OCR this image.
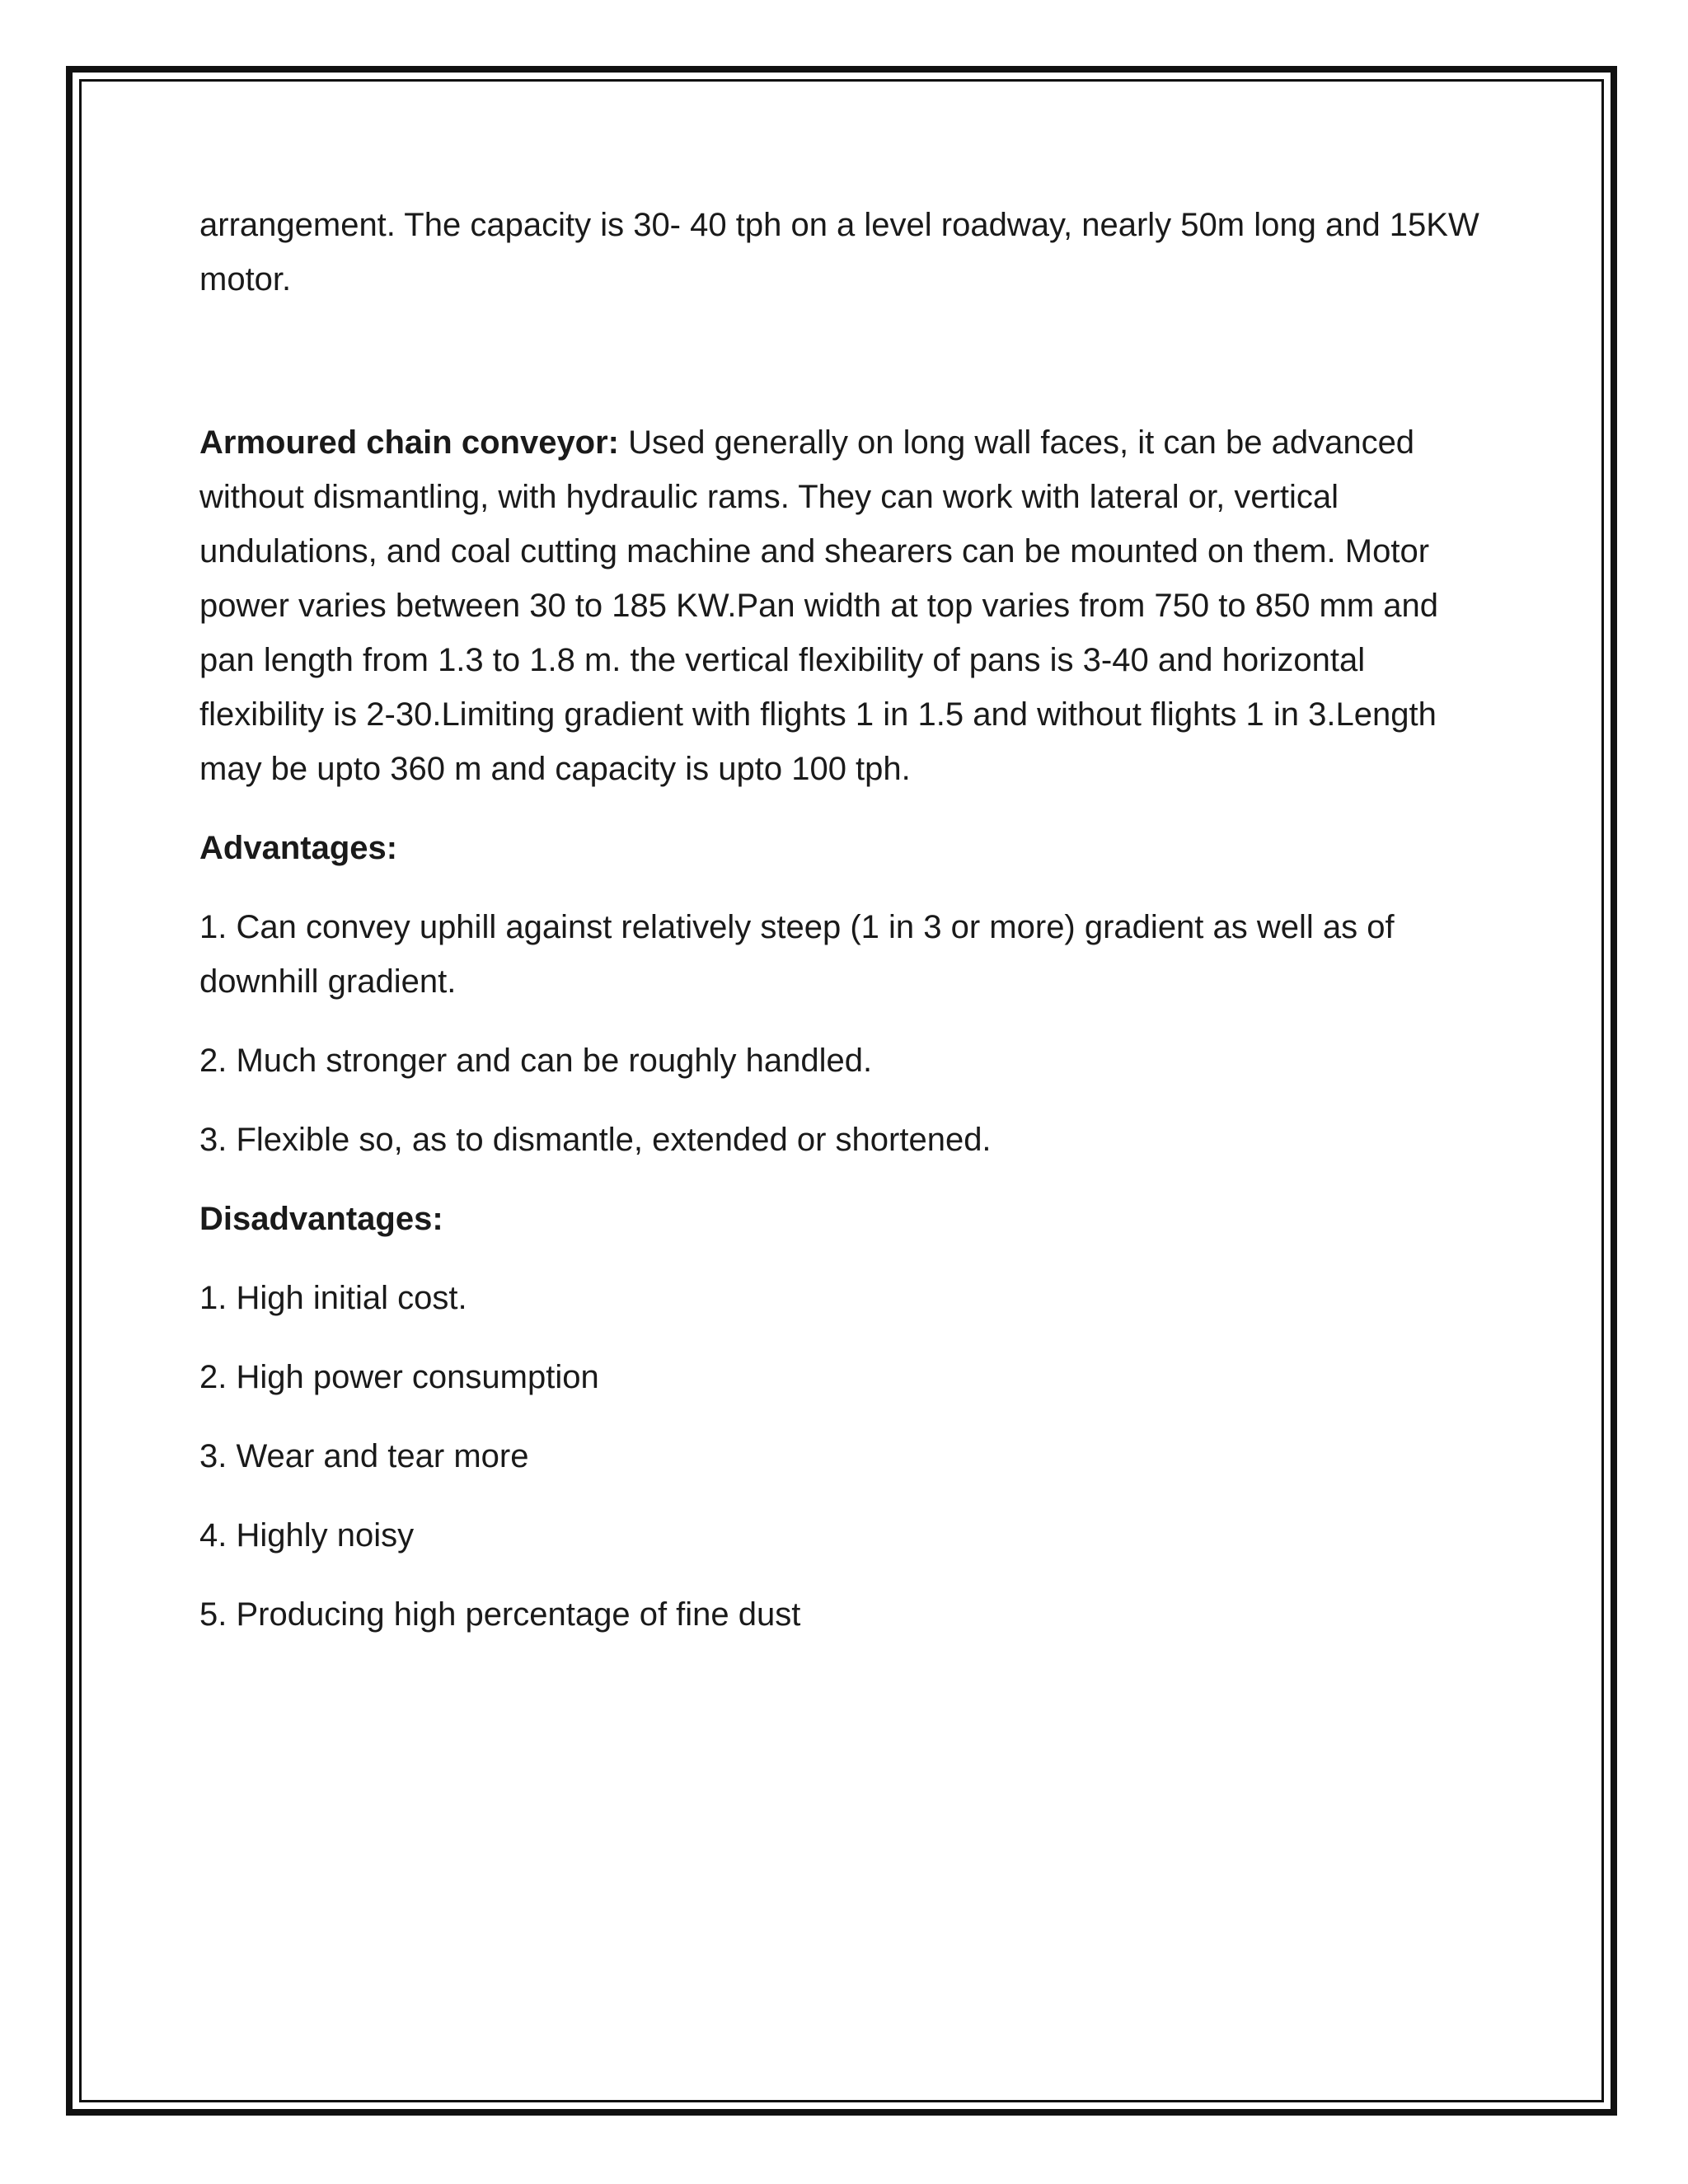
arrangement. The capacity is 30- 40 tph on a level roadway, nearly 50m long and 15KW motor.

Armoured chain conveyor: Used generally on long wall faces, it can be advanced without dismantling, with hydraulic rams. They can work with lateral or, vertical undulations, and coal cutting machine and shearers can be mounted on them. Motor power varies between 30 to 185 KW.Pan width at top varies from 750 to 850 mm and pan length from 1.3 to 1.8 m. the vertical flexibility of pans is 3-40 and horizontal flexibility is 2-30.Limiting gradient with flights 1 in 1.5 and without flights 1 in 3.Length may be upto 360 m and capacity is upto 100 tph.

Advantages:

1. Can convey uphill against relatively steep (1 in 3 or more) gradient as well as of downhill gradient.

2. Much stronger and can be roughly handled.

3. Flexible so, as to dismantle, extended or shortened.

Disadvantages:

1. High initial cost.

2. High power consumption

3. Wear and tear more

4. Highly noisy

5. Producing high percentage of fine dust
